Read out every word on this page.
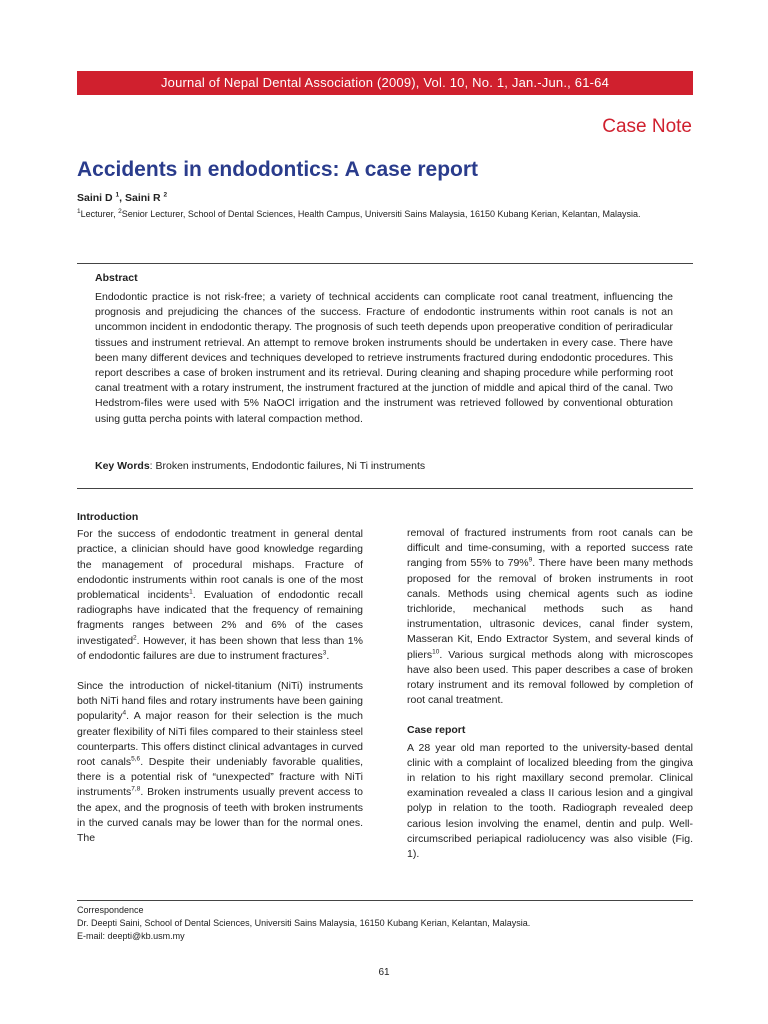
Journal of Nepal Dental Association (2009), Vol. 10, No. 1, Jan.-Jun., 61-64
Case Note
Accidents in endodontics: A case report
Saini D $^1$, Saini R $^2$
$^1$Lecturer, $^2$Senior Lecturer, School of Dental Sciences, Health Campus, Universiti Sains Malaysia, 16150 Kubang Kerian, Kelantan, Malaysia.
Abstract
Endodontic practice is not risk-free; a variety of technical accidents can complicate root canal treatment, influencing the prognosis and prejudicing the chances of the success. Fracture of endodontic instruments within root canals is not an uncommon incident in endodontic therapy. The prognosis of such teeth depends upon preoperative condition of periradicular tissues and instrument retrieval. An attempt to remove broken instruments should be undertaken in every case. There have been many different devices and techniques developed to retrieve instruments fractured during endodontic procedures. This report describes a case of broken instrument and its retrieval. During cleaning and shaping procedure while performing root canal treatment with a rotary instrument, the instrument fractured at the junction of middle and apical third of the canal. Two Hedstrom-files were used with 5% NaOCl irrigation and the instrument was retrieved followed by conventional obturation using gutta percha points with lateral compaction method.
Key Words: Broken instruments, Endodontic failures, Ni Ti instruments
Introduction

For the success of endodontic treatment in general dental practice, a clinician should have good knowledge regarding the management of procedural mishaps. Fracture of endodontic instruments within root canals is one of the most problematical incidents$^1$. Evaluation of endodontic recall radiographs have indicated that the frequency of remaining fragments ranges between 2% and 6% of the cases investigated$^2$. However, it has been shown that less than 1% of endodontic failures are due to instrument fractures$^3$.

Since the introduction of nickel-titanium (NiTi) instruments both NiTi hand files and rotary instruments have been gaining popularity$^4$. A major reason for their selection is the much greater flexibility of NiTi files compared to their stainless steel counterparts. This offers distinct clinical advantages in curved root canals$^{5,6}$. Despite their undeniably favorable qualities, there is a potential risk of “unexpected” fracture with NiTi instruments$^{7,8}$. Broken instruments usually prevent access to the apex, and the prognosis of teeth with broken instruments in the curved canals may be lower than for the normal ones. The

removal of fractured instruments from root canals can be difficult and time-consuming, with a reported success rate ranging from 55% to 79%$^9$. There have been many methods proposed for the removal of broken instruments in root canals. Methods using chemical agents such as iodine trichloride, mechanical methods such as hand instrumentation, ultrasonic devices, canal finder system, Masseran Kit, Endo Extractor System, and several kinds of pliers$^{10}$. Various surgical methods along with microscopes have also been used. This paper describes a case of broken rotary instrument and its removal followed by completion of root canal treatment.

Case report

A 28 year old man reported to the university-based dental clinic with a complaint of localized bleeding from the gingiva in relation to his right maxillary second premolar. Clinical examination revealed a class II carious lesion and a gingival polyp in relation to the tooth. Radiograph revealed deep carious lesion involving the enamel, dentin and pulp. Well-circumscribed periapical radiolucency was also visible (Fig. 1).

Correspondence
Dr. Deepti Saini, School of Dental Sciences, Universiti Sains Malaysia, 16150 Kubang Kerian, Kelantan, Malaysia.
E-mail: deepti@kb.usm.my
61
